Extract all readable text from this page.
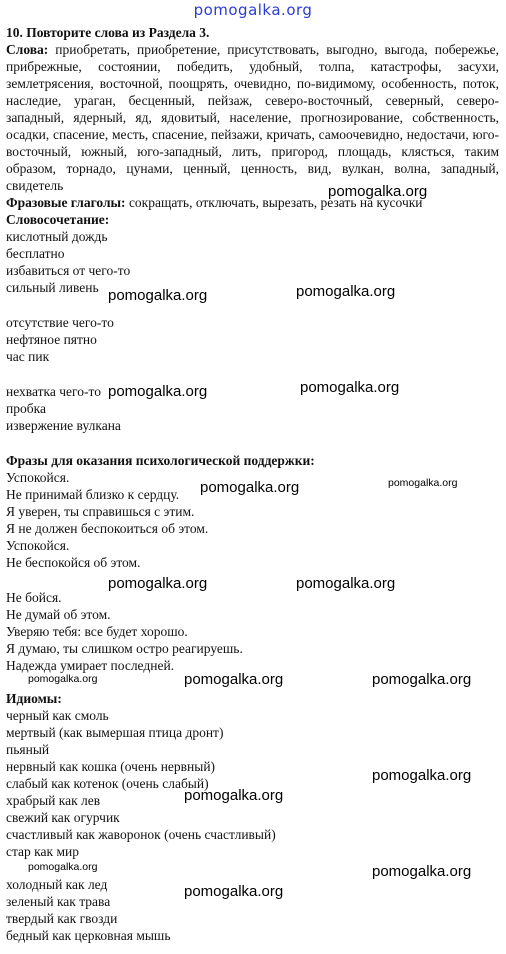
pomogalka.org
10. Повторите слова из Раздела 3.
Слова: приобретать, приобретение, присутствовать, выгодно, выгода, побережье, прибрежные, состоянии, победить, удобный, толпа, катастрофы, засухи, землетрясения, восточной, поощрять, очевидно, по-видимому, особенность, поток, наследие, ураган, бесценный, пейзаж, северо-восточный, северный, северо-западный, ядерный, яд, ядовитый, население, прогнозирование, собственность, осадки, спасение, месть, спасение, пейзажи, кричать, самоочевидно, недостачи, юго-восточный, южный, юго-западный, лить, пригород, площадь, клясться, таким образом, торнадо, цунами, ценный, ценность, вид, вулкан, волна, западный, свидетель
Фразовые глаголы: сокращать, отключать, вырезать, резать на кусочки
Словосочетание:
кислотный дождь
бесплатно
избавиться от чего-то
сильный ливень
отсутствие чего-то
нефтяное пятно
час пик
нехватка чего-то
пробка
извержение вулкана
Фразы для оказания психологической поддержки:
Успокойся.
Не принимай близко к сердцу.
Я уверен, ты справишься с этим.
Я не должен беспокоиться об этом.
Успокойся.
Не беспокойся об этом.
Не бойся.
Не думай об этом.
Уверяю тебя: все будет хорошо.
Я думаю, ты слишком остро реагируешь.
Надежда умирает последней.
Идиомы:
черный как смоль
мертвый (как вымершая птица дронт)
пьяный
нервный как кошка (очень нервный)
слабый как котенок (очень слабый)
храбрый как лев
свежий как огурчик
счастливый как жаворонок (очень счастливый)
стар как мир
холодный как лед
зеленый как трава
твердый как гвозди
бедный как церковная мышь
pomogalka.org
pomogalka.org	pomogalka.org
pomogalka.org	pomogalka.org
pomogalka.org	pomogalka.org
pomogalka.org	pomogalka.org
pomogalka.org	pomogalka.org	pomogalka.org
pomogalka.org
pomogalka.org
pomogalka.org	pomogalka.org
pomogalka.org
